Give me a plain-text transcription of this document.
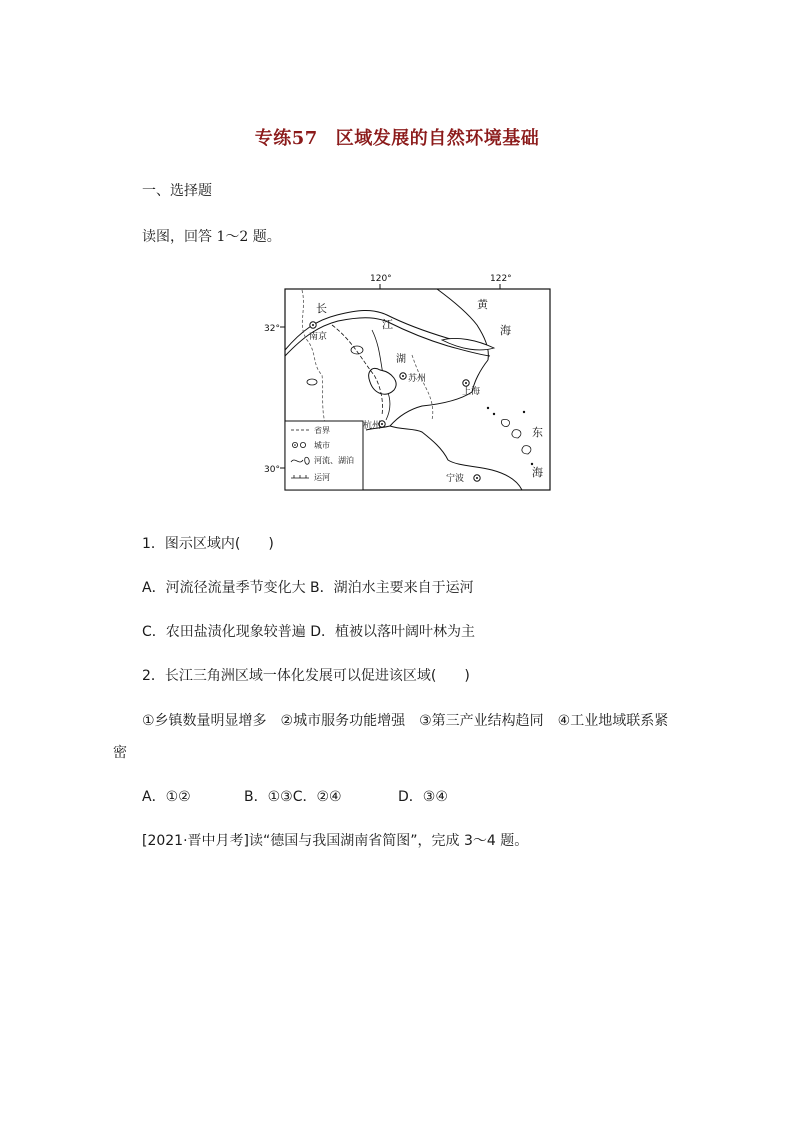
专练57 区域发展的自然环境基础
一、选择题
读图，回答 1～2 题。
120°	122°
32°
30°
长
江
南京
黄
海
湖
苏州
上海
东
海
杭州
宁波
省界
城市
河流、湖泊
运河
1．图示区域内(　　)
A．河流径流量季节变化大 B．湖泊水主要来自于运河
C．农田盐渍化现象较普遍 D．植被以落叶阔叶林为主
2．长江三角洲区域一体化发展可以促进该区域(　　)
①乡镇数量明显增多　②城市服务功能增强　③第三产业结构趋同　④工业地域联系紧
密
A．①②	B．①③C．②④	D．③④
[2021·晋中月考]读“德国与我国湖南省简图”，完成 3～4 题。
